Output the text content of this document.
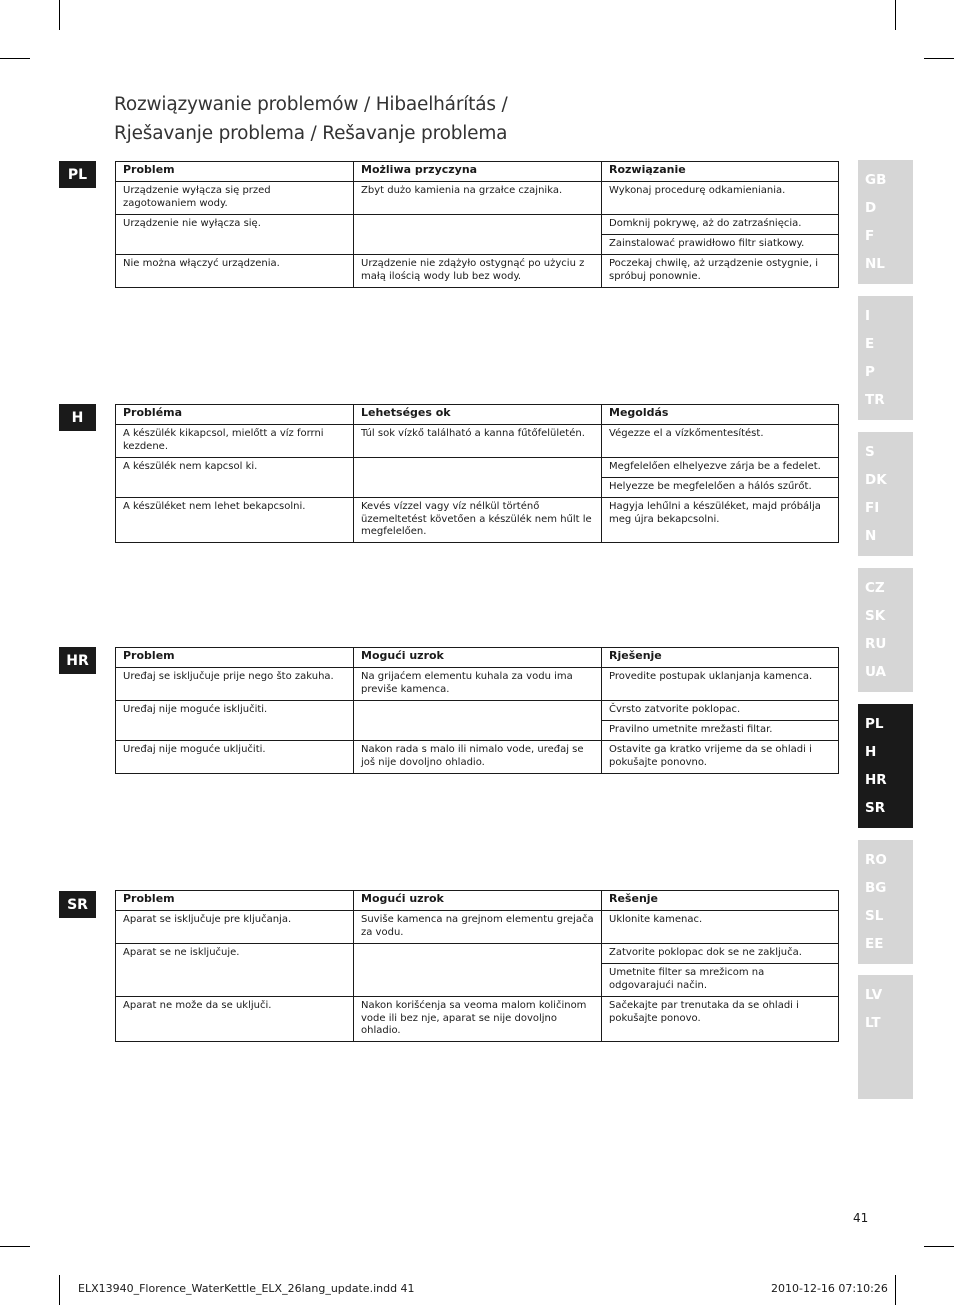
Rozwiązywanie problemów / Hibaelhárítás /
Rješavanje problema / Rešavanje problema
PL	Problem	Możliwa przyczyna	Rozwiązanie
Urządzenie wyłącza się przed zagotowaniem wody.	Zbyt dużo kamienia na grzałce czajnika.	Wykonaj procedurę odkamieniania.
Urządzenie nie wyłącza się.		Domknij pokrywę, aż do zatrzaśnięcia.
		Zainstalować prawidłowo filtr siatkowy.
Nie można włączyć urządzenia.	Urządzenie nie zdążyło ostygnąć po użyciu z małą ilością wody lub bez wody.	Poczekaj chwilę, aż urządzenie ostygnie, i spróbuj ponownie.
H	Probléma	Lehetséges ok	Megoldás
A készülék kikapcsol, mielőtt a víz forrni kezdene.	Túl sok vízkő található a kanna fűtőfelületén.	Végezze el a vízkőmentesítést.
A készülék nem kapcsol ki.		Megfelelően elhelyezve zárja be a fedelet.
		Helyezze be megfelelően a hálós szűrőt.
A készüléket nem lehet bekapcsolni.	Kevés vízzel vagy víz nélkül történő üzemeltetést követően a készülék nem hűlt le megfelelően.	Hagyja lehűlni a készüléket, majd próbálja meg újra bekapcsolni.
HR	Problem	Mogući uzrok	Rješenje
Uređaj se isključuje prije nego što zakuha.	Na grijaćem elementu kuhala za vodu ima previše kamenca.	Provedite postupak uklanjanja kamenca.
Uređaj nije moguće isključiti.		Čvrsto zatvorite poklopac.
		Pravilno umetnite mrežasti filtar.
Uređaj nije moguće uključiti.	Nakon rada s malo ili nimalo vode, uređaj se još nije dovoljno ohladio.	Ostavite ga kratko vrijeme da se ohladi i pokušajte ponovno.
SR	Problem	Mogući uzrok	Rešenje
Aparat se isključuje pre ključanja.	Suviše kamenca na grejnom elementu grejača za vodu.	Uklonite kamenac.
Aparat se ne isključuje.		Zatvorite poklopac dok se ne zaključa.
		Umetnite filter sa mrežicom na odgovarajući način.
Aparat ne može da se uključi.	Nakon korišćenja sa veoma malom količinom vode ili bez nje, aparat se nije dovoljno ohladio.	Sačekajte par trenutaka da se ohladi i pokušajte ponovo.
GB
D
F
NL
I
E
P
TR
S
DK
FI
N
CZ
SK
RU
UA
PL
H
HR
SR
RO
BG
SL
EE
LV
LT
41
ELX13940_Florence_WaterKettle_ELX_26lang_update.indd 41	2010-12-16 07:10:26
